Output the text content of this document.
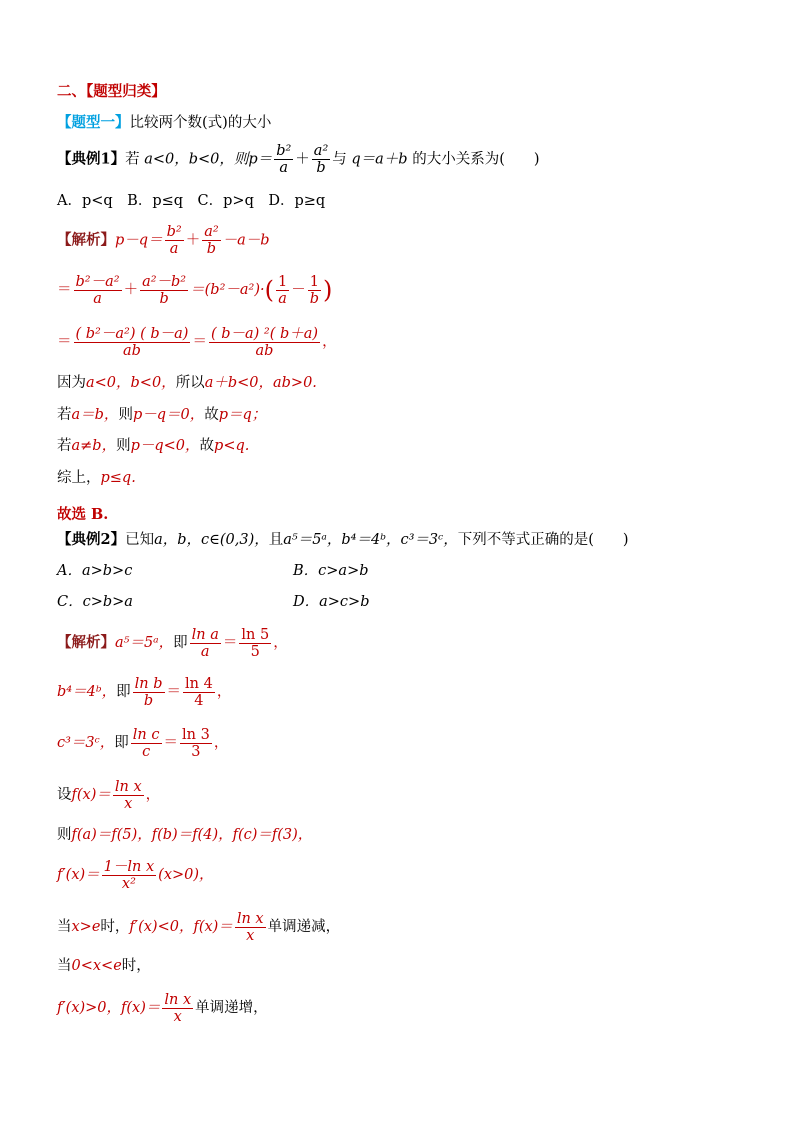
二、【题型归类】
【题型一】比较两个数(式)的大小
【典例1】若 a<0，b<0，则$p= \frac{\text{b²}}{a} + \frac{\text{a²}}{b}$ 与 q＝a＋b 的大小关系为(　　)
A．p<q　B．p≤q　C．p>q　D．p≥q
【解析】$p-q= \frac{\text{b²}}{a} + \frac{\text{a²}}{b} -a-b$
＝ $\frac{\text{b²－a²}}{a} + \frac{\text{a²－b²}}{b} =(b^2-a^2)\cdot( \frac{1}{a} - \frac{1}{b}$ )
＝ $\frac{\text{( b²－a²) ( b－a)}}{ab} = \frac{\text{( b－a) ²( b＋a)}}{ab}$ ，
因为a<0，b<0，所以a＋b<0，ab>0.
若a＝b，则p－q＝0，故p＝q；
若a≠b，则p－q<0，故p<q.
综上，p≤q.
故选 B.
【典例2】已知a，b，c∈(0,3)，且a⁵＝5ᵃ，b⁴＝4ᵇ，c³＝3ᶜ，下列不等式正确的是(　　)
A．a>b>c	B．c>a>b
C．c>b>a	D．a>c>b
【解析】a⁵＝5ᵃ，即 $\frac{\text{ln a}}{a} = \frac{\ln 5}{5}$ ，
b⁴＝4ᵇ，即 $\frac{\text{ln b}}{b} = \frac{\ln 4}{4}$ ，
c³＝3ᶜ，即 $\frac{\text{ln c}}{c} = \frac{\ln 3}{3}$ ，
设$f(x)= \frac{\text{ln x}}{x}$ ，
则f(a)＝f(5)，f(b)＝f(4)，f(c)＝f(3)，
$f'(x)= \frac{\text{1－ln x}}{\text{x²}} (x>0)$，
当x>e时，f′(x)<0，$f(x)= \frac{\text{ln x}}{x}$ 单调递减，
当0<x<e时，
f′(x)>0，$f(x)= \frac{\text{ln x}}{x}$ 单调递增，
